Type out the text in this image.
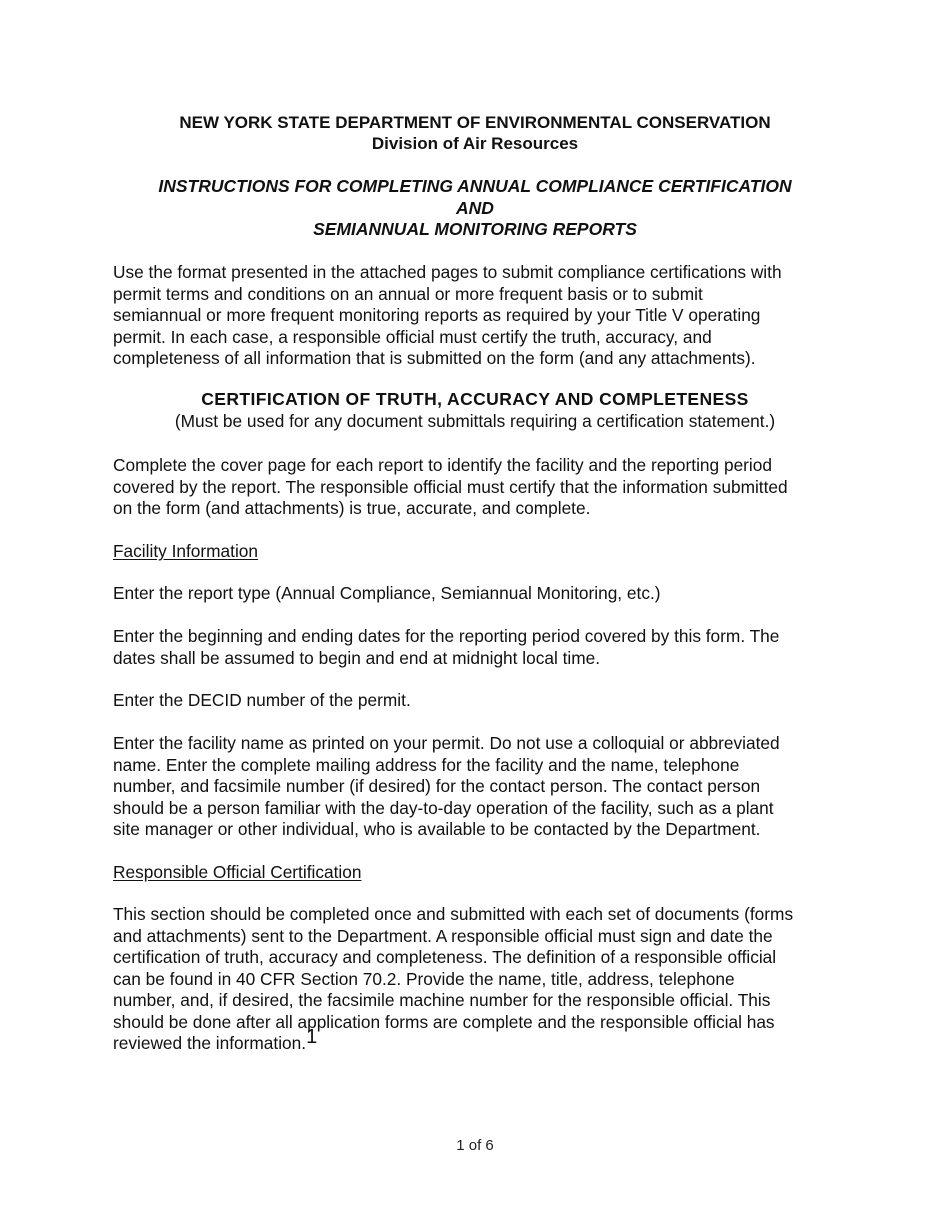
NEW YORK STATE DEPARTMENT OF ENVIRONMENTAL CONSERVATION
Division of Air Resources
INSTRUCTIONS FOR COMPLETING ANNUAL COMPLIANCE CERTIFICATION
AND
SEMIANNUAL MONITORING REPORTS
Use the format presented in the attached pages to submit compliance certifications with
permit terms and conditions on an annual or more frequent basis or to submit
semiannual or more frequent monitoring reports as required by your Title V operating
permit. In each case, a responsible official must certify the truth, accuracy, and
completeness of all information that is submitted on the form (and any attachments).
CERTIFICATION OF TRUTH, ACCURACY AND COMPLETENESS
(Must be used for any document submittals requiring a certification statement.)
Complete the cover page for each report to identify the facility and the reporting period
covered by the report. The responsible official must certify that the information submitted
on the form (and attachments) is true, accurate, and complete.
Facility Information
Enter the report type (Annual Compliance, Semiannual Monitoring, etc.)
Enter the beginning and ending dates for the reporting period covered by this form. The
dates shall be assumed to begin and end at midnight local time.
Enter the DECID number of the permit.
Enter the facility name as printed on your permit. Do not use a colloquial or abbreviated
name. Enter the complete mailing address for the facility and the name, telephone
number, and facsimile number (if desired) for the contact person. The contact person
should be a person familiar with the day-to-day operation of the facility, such as a plant
site manager or other individual, who is available to be contacted by the Department.
Responsible Official Certification
This section should be completed once and submitted with each set of documents (forms
and attachments) sent to the Department. A responsible official must sign and date the
certification of truth, accuracy and completeness. The definition of a responsible official
can be found in 40 CFR Section 70.2. Provide the name, title, address, telephone
number, and, if desired, the facsimile machine number for the responsible official. This
should be done after all application forms are complete and the responsible official has
reviewed the information.1
1 of 6
